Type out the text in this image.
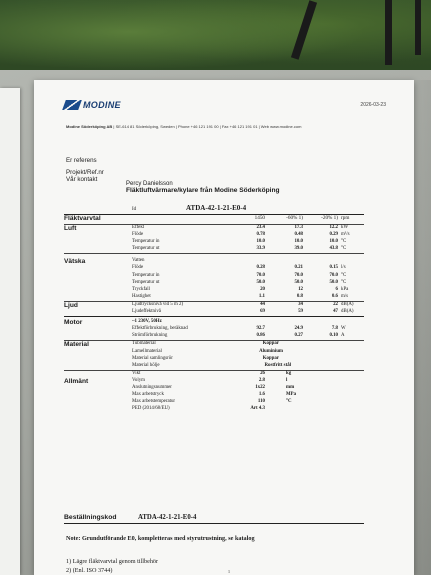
MODINE	2026-03-23
Modine Söderköping AB | SE-614 81 Söderköping, Sweden | Phone +46 121 191 00 | Fax +46 121 191 01 | Web www.modine.com
Er referens
Projekt/Ref.nr
Vår kontakt
Percy Danielsson
Fläktluftvärmare/kylare från Modine Söderköping
Id	ATDA-42-1-21-E0-4
Fläktvarvtal	1450	-60% 1)	-20% 1) rpm
Luft	Effekt	23.4	17.3	12.2 kW
Flöde	0.78	0.48	0.29 m³/s
Temperatur in	10.0	10.0	10.0 °C
Temperatur ut	33.9	39.0	43.8 °C
Vätska	Vatten
Flöde	0.28	0.21	0.15 l/s
Temperatur in	70.0	70.0	70.0 °C
Temperatur ut	50.0	50.0	50.0 °C
Tryckfall	20	12	6 kPa
Hastighet	1.1	0.8	0.6 m/s
Ljud	Ljudtrycksnivå vid 5 m 2)	44	34	22 dB(A)
Ljudeffektnivå	69	59	47 dB(A)
Motor	~1 230V, 50Hz
Effektförbrukning, beräknad	92.7	24.9	7.8 W
Strömförbrukning	0.86	0.27	0.10 A
Material	Tubmaterial	Koppar
Lamellmaterial	Aluminium
Material samlingsrör	Koppar
Material hölje	Rostfritt stål
Vikt	26	kg
Allmänt	Volym	2.8	l
Anslutningsnummer	1x22	mm
Max arbetstryck	1.6	MPa
Max arbetstemperatur	110	°C
PED (2014/68/EU)	Art 4.3
Beställningskod	ATDA-42-1-21-E0-4
Note: Grundutförande E0, kompletteras med styrutrustning, se katalog
1) Lägre fläktvarvtal genom tillbehör
2) (Enl. ISO 3744)	1
